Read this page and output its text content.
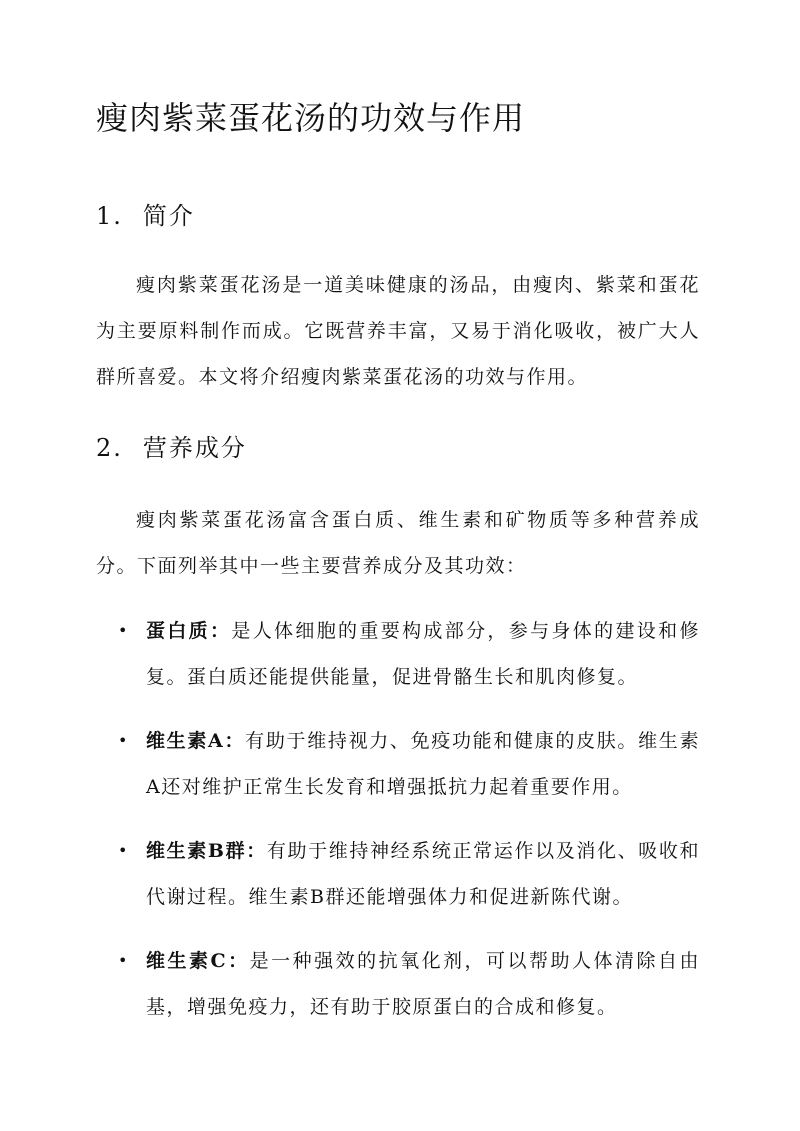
瘦肉紫菜蛋花汤的功效与作用
1. 简介

瘦肉紫菜蛋花汤是一道美味健康的汤品，由瘦肉、紫菜和蛋花为主要原料制作而成。它既营养丰富，又易于消化吸收，被广大人群所喜爱。本文将介绍瘦肉紫菜蛋花汤的功效与作用。

2. 营养成分

瘦肉紫菜蛋花汤富含蛋白质、维生素和矿物质等多种营养成分。下面列举其中一些主要营养成分及其功效：

• 蛋白质：是人体细胞的重要构成部分，参与身体的建设和修复。蛋白质还能提供能量，促进骨骼生长和肌肉修复。
• 维生素A：有助于维持视力、免疫功能和健康的皮肤。维生素A还对维护正常生长发育和增强抵抗力起着重要作用。
• 维生素B群：有助于维持神经系统正常运作以及消化、吸收和代谢过程。维生素B群还能增强体力和促进新陈代谢。
• 维生素C：是一种强效的抗氧化剂，可以帮助人体清除自由基，增强免疫力，还有助于胶原蛋白的合成和修复。
